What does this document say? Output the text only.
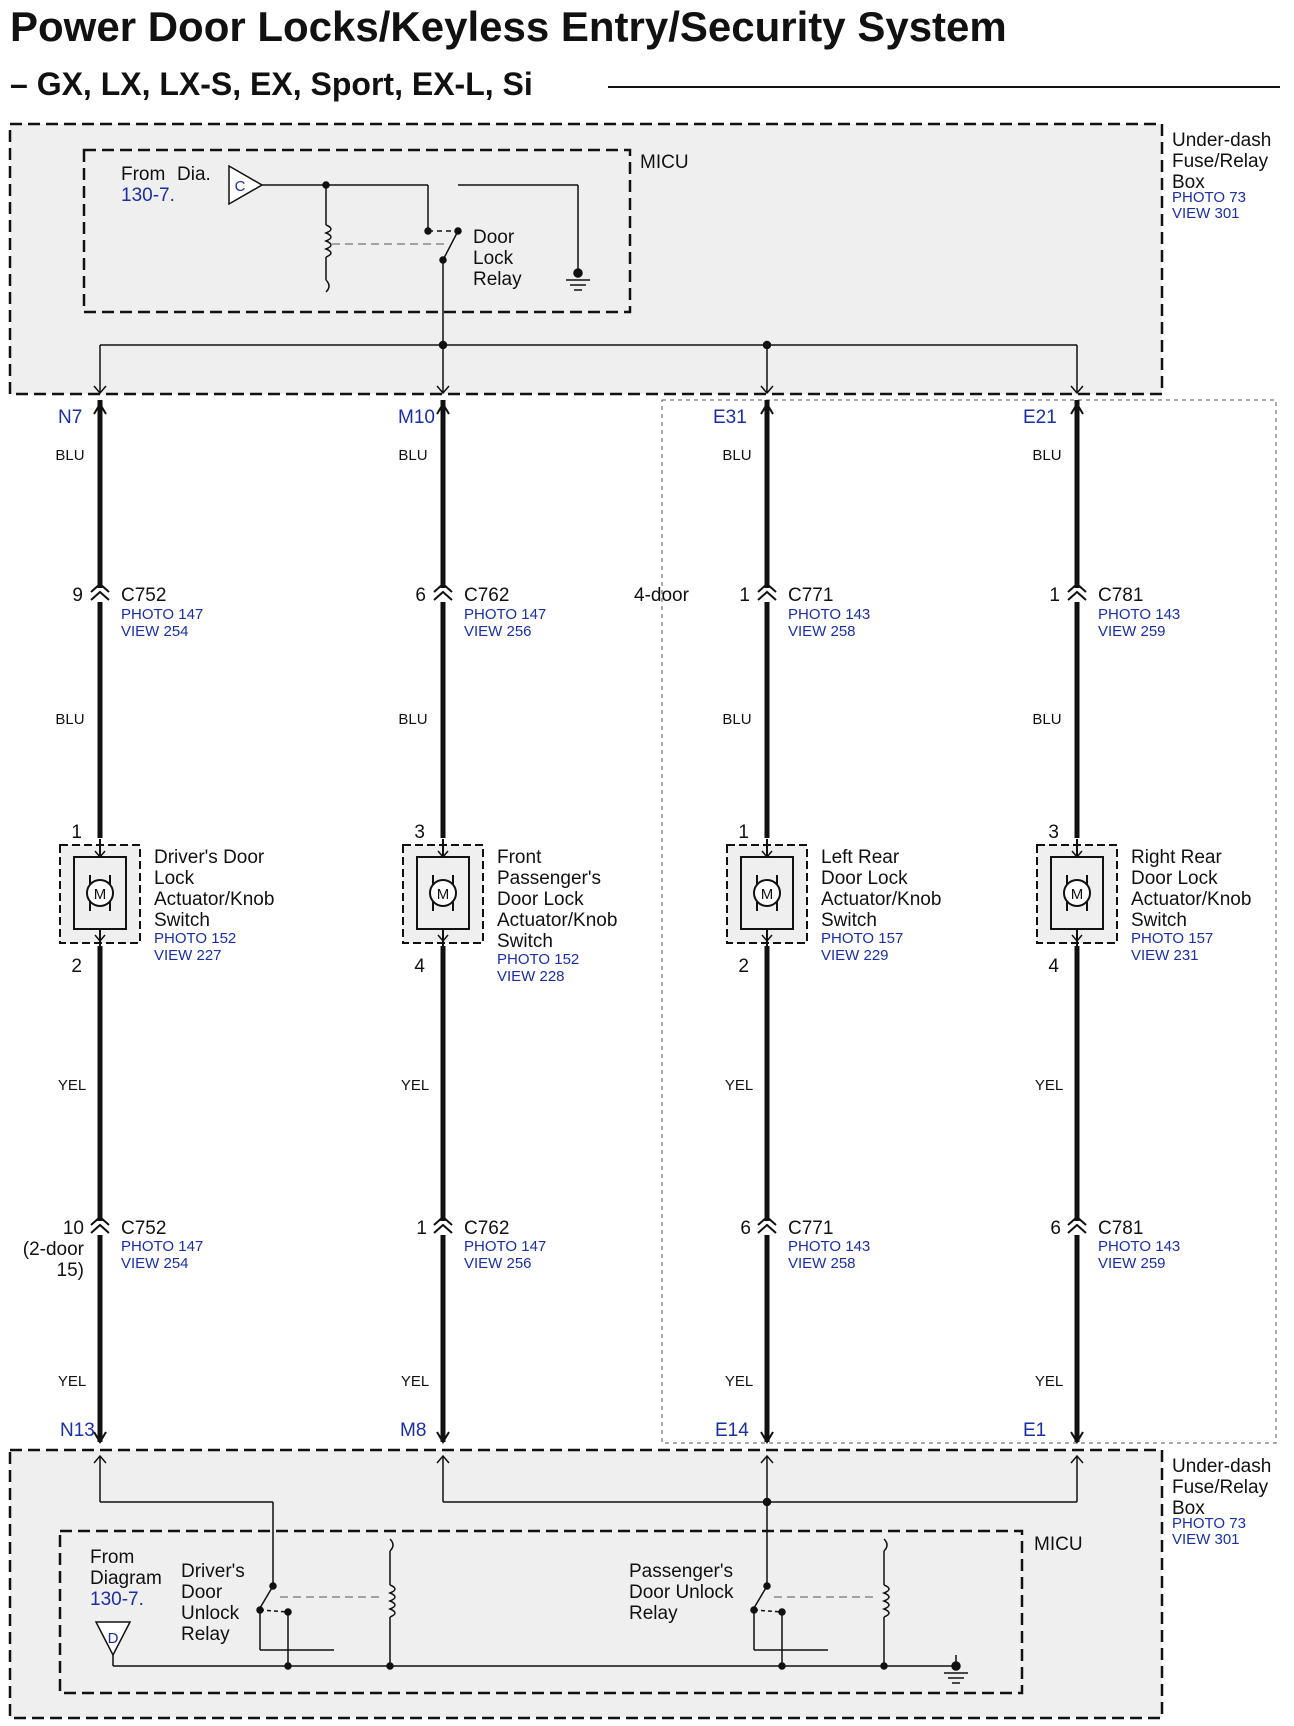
Power Door Locks/Keyless Entry/Security System
– GX, LX, LX-S, EX, Sport, EX-L, Si
Under-dash
Fuse/Relay
Box
PHOTO 73
VIEW 301
Under-dash
Fuse/Relay
Box
PHOTO 73
VIEW 301
MICU
MICU
From Dia.
130-7.	C
Door
Lock
Relay
From
Diagram
130-7.
D
Driver's
Door
Unlock
Relay
Passenger's
Door Unlock
Relay
4-door
M
N7
N13
BLU
BLU
YEL
YEL
9 C752
PHOTO 147
VIEW 254
10
(2-door
15)
C752
PHOTO 147
VIEW 254
1
2
Driver's Door
Lock
Actuator/Knob
Switch
PHOTO 152
VIEW 227
M
M10
M8
BLU
BLU
YEL
YEL
6 C762
PHOTO 147
VIEW 256
1 C762
PHOTO 147
VIEW 256
3
4
Front
Passenger's
Door Lock
Actuator/Knob
Switch
PHOTO 152
VIEW 228
M
E31
E14
BLU
BLU
YEL
YEL
1 C771
PHOTO 143
VIEW 258
6 C771
PHOTO 143
VIEW 258
1
2
Left Rear
Door Lock
Actuator/Knob
Switch
PHOTO 157
VIEW 229
M
E21
E1
BLU
BLU
YEL
YEL
1 C781
PHOTO 143
VIEW 259
6 C781
PHOTO 143
VIEW 259
3
4
Right Rear
Door Lock
Actuator/Knob
Switch
PHOTO 157
VIEW 231
